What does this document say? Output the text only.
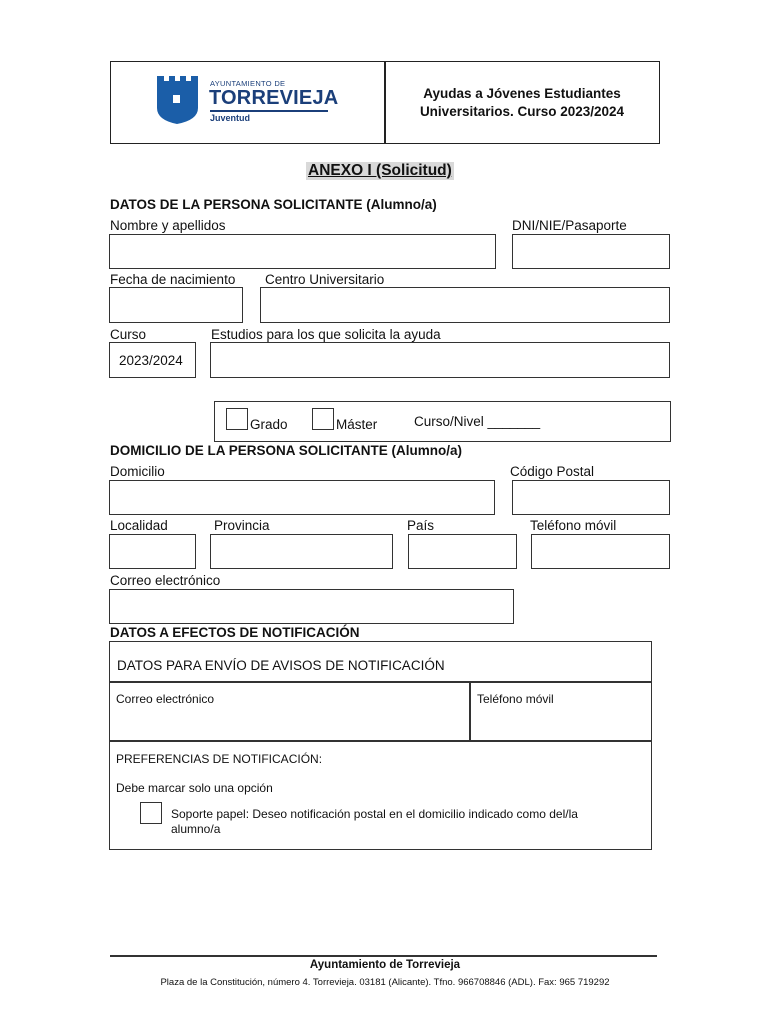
AYUNTAMIENTO DE
TORREVIEJA
Juventud
Ayudas a Jóvenes Estudiantes
Universitarios. Curso 2023/2024
ANEXO I (Solicitud)
DATOS DE LA PERSONA SOLICITANTE (Alumno/a)
Nombre y apellidos	DNI/NIE/Pasaporte
Fecha de nacimiento Centro Universitario
Curso	Estudios para los que solicita la ayuda
2023/2024
Grado	Máster	Curso/Nivel _______
DOMICILIO DE LA PERSONA SOLICITANTE (Alumno/a)
Domicilio	Código Postal
Localidad	Provincia	País	Teléfono móvil
Correo electrónico
DATOS A EFECTOS DE NOTIFICACIÓN
DATOS PARA ENVÍO DE AVISOS DE NOTIFICACIÓN
Correo electrónico	Teléfono móvil
PREFERENCIAS DE NOTIFICACIÓN:
Debe marcar solo una opción
Soporte papel: Deseo notificación postal en el domicilio indicado como del/la
alumno/a
Ayuntamiento de Torrevieja
Plaza de la Constitución, número 4. Torrevieja. 03181 (Alicante). Tfno. 966708846 (ADL). Fax: 965 719292
